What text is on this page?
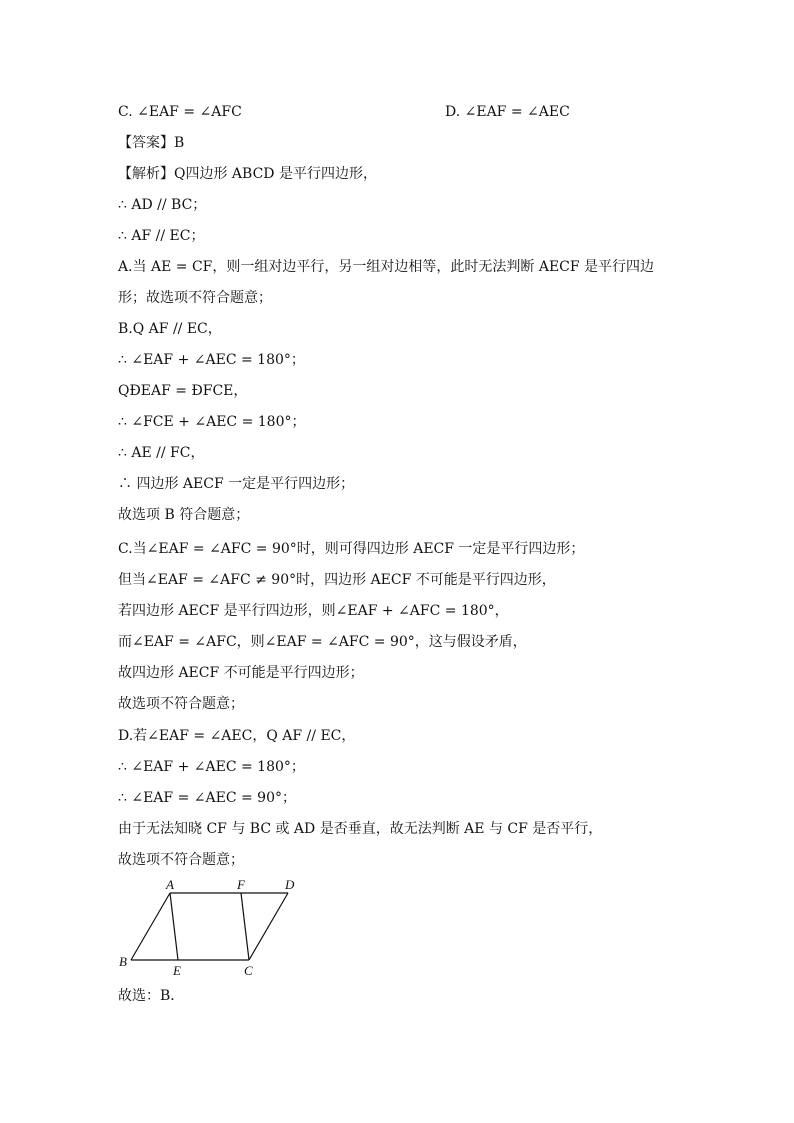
C. ∠EAF = ∠AFC	D. ∠EAF = ∠AEC
【答案】B
【解析】Q四边形 ABCD 是平行四边形，
∴ AD // BC；
∴ AF // EC；
A.当 AE = CF，则一组对边平行，另一组对边相等，此时无法判断 AECF 是平行四边
形；故选项不符合题意；
B.Q AF // EC，
∴ ∠EAF + ∠AEC = 180°；
QÐEAF = ÐFCE，
∴ ∠FCE + ∠AEC = 180°；
∴ AE // FC，
∴ 四边形 AECF 一定是平行四边形；
故选项 B 符合题意；
C.当∠EAF = ∠AFC = 90°时，则可得四边形 AECF 一定是平行四边形；
但当∠EAF = ∠AFC ≠ 90°时，四边形 AECF 不可能是平行四边形，
若四边形 AECF 是平行四边形，则∠EAF + ∠AFC = 180°，
而∠EAF = ∠AFC，则∠EAF = ∠AFC = 90°，这与假设矛盾，
故四边形 AECF 不可能是平行四边形；
故选项不符合题意；
D.若∠EAF = ∠AEC，Q AF // EC，
∴ ∠EAF + ∠AEC = 180°；
∴ ∠EAF = ∠AEC = 90°；
由于无法知晓 CF 与 BC 或 AD 是否垂直，故无法判断 AE 与 CF 是否平行，
故选项不符合题意；
A	F	D
B
E	C
故选：B．
